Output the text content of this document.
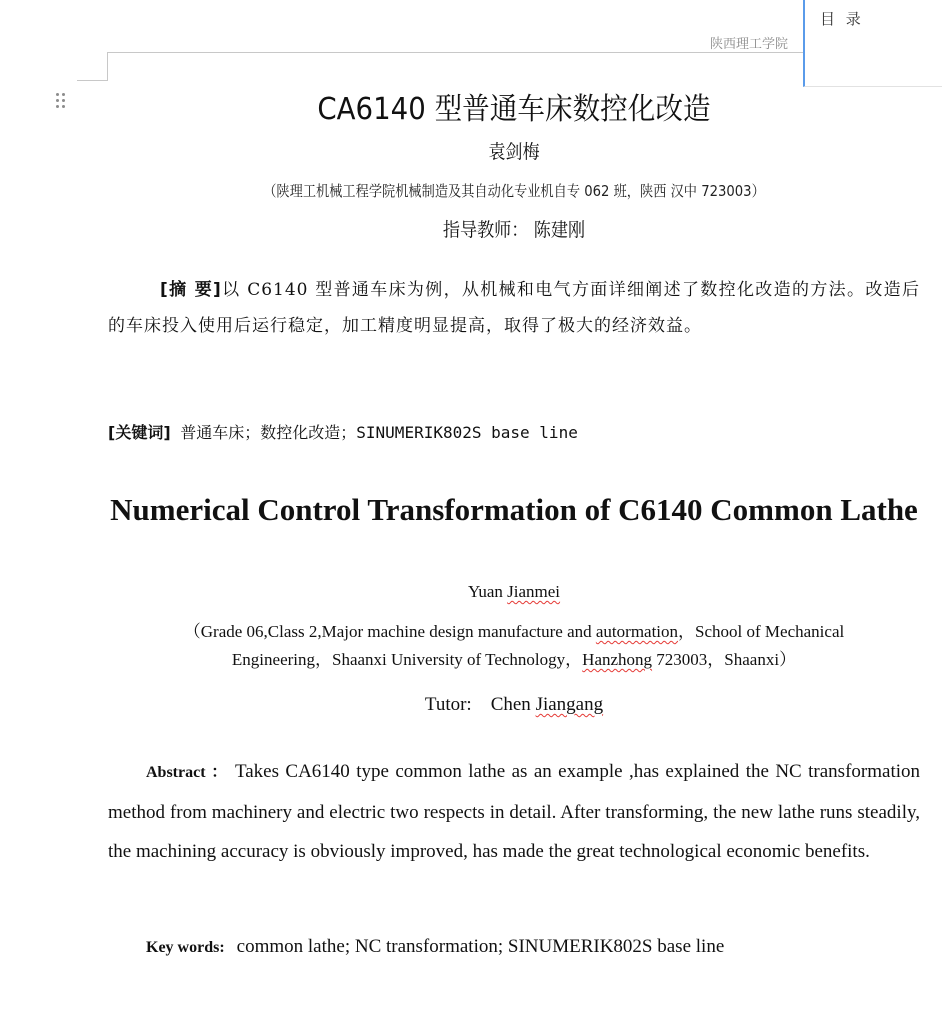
陕西理工学院
目 录
CA6140 型普通车床数控化改造
袁剑梅
（陕理工机械工程学院机械制造及其自动化专业机自专 062 班，陕西 汉中 723003）
指导教师： 陈建刚
[摘 要]以 C6140 型普通车床为例，从机械和电气方面详细阐述了数控化改造的方法。改造后的车床投入使用后运行稳定，加工精度明显提高，取得了极大的经济效益。
[关键词] 普通车床；数控化改造；SINUMERIK802S base line
Numerical Control Transformation of C6140 Common Lathe
Yuan Jianmei
（Grade 06,Class 2,Major machine design manufacture and autormation，School of Mechanical Engineering，Shaanxi University of Technology，Hanzhong 723003，Shaanxi）
Tutor:    Chen Jiangang
Abstract ： Takes CA6140 type common lathe as an example ,has explained the NC transformation method from machinery and electric two respects in detail. After transforming, the new lathe runs steadily, the machining accuracy is obviously improved, has made the great technological economic benefits.
Key words: common lathe; NC transformation; SINUMERIK802S base line
